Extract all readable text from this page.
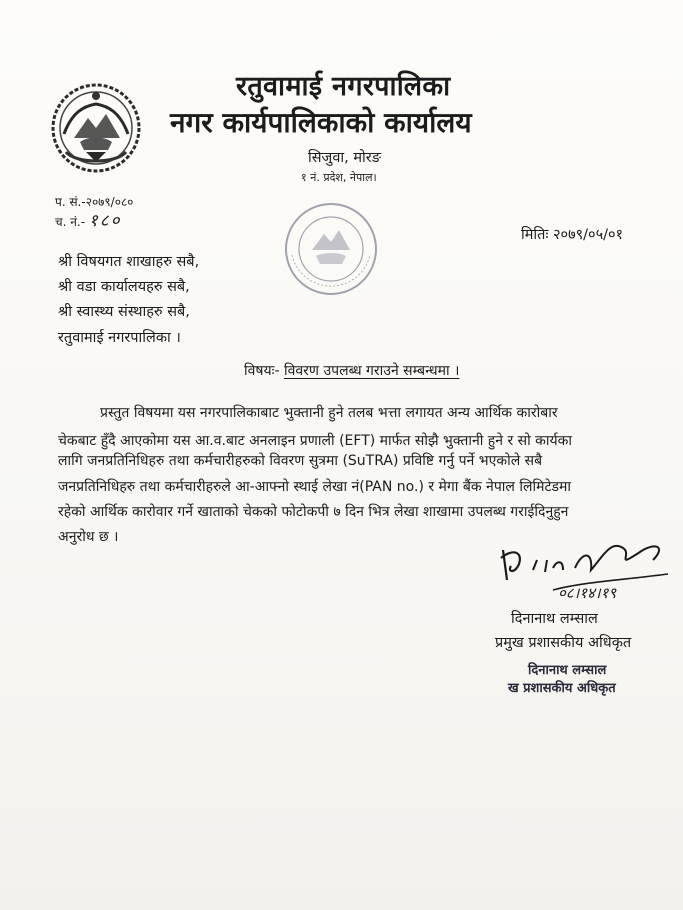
रतुवामाई नगरपालिका
नगर कार्यपालिकाको कार्यालय
सिजुवा, मोरङ
१ नं. प्रदेश, नेपाल।
प. सं.-२०७९/०८०
च. नं.- १८०
मितिः २०७९/०५/०१
श्री विषयगत शाखाहरु सबै,
श्री वडा कार्यालयहरु सबै,
श्री स्वास्थ्य संस्थाहरु सबै,
रतुवामाई नगरपालिका ।
विषयः- विवरण उपलब्ध गराउने सम्बन्धमा ।
प्रस्तुत विषयमा यस नगरपालिकाबाट भुक्तानी हुने तलब भत्ता लगायत अन्य आर्थिक कारोबार
चेकबाट हुँदै आएकोमा यस आ.व.बाट अनलाइन प्रणाली (EFT) मार्फत सोझै भुक्तानी हुने र सो कार्यका
लागि जनप्रतिनिधिहरु तथा कर्मचारीहरुको विवरण सुत्रमा (SuTRA) प्रविष्टि गर्नु पर्ने भएकोले सबै
जनप्रतिनिधिहरु तथा कर्मचारीहरुले आ-आफ्नो स्थाई लेखा नं(PAN no.) र मेगा बैंक नेपाल लिमिटेडमा
रहेको आर्थिक कारोवार गर्ने खाताको चेकको फोटोकपी ७ दिन भित्र लेखा शाखामा उपलब्ध गराईदिनुहुन
अनुरोध छ ।
०८।१४।१९
दिनानाथ लम्साल
प्रमुख प्रशासकीय अधिकृत
दिनानाथ लम्साल
ख प्रशासकीय अधिकृत
